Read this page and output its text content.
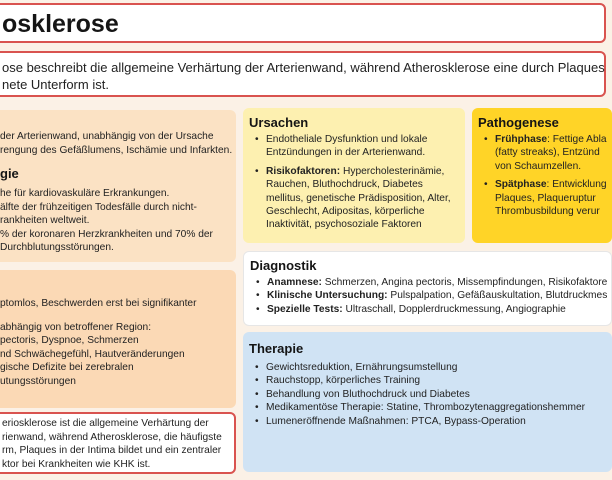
osklerose

ose beschreibt die allgemeine Verhärtung der Arterienwand, während Atherosklerose eine durch Plaques
nete Unterform ist.

der Arterienwand, unabhängig von der Ursache
rengung des Gefäßlumens, Ischämie und Infarkten.
gie
he für kardiovaskuläre Erkrankungen.
älfte der frühzeitigen Todesfälle durch nicht-
rankheiten weltweit.
% der koronaren Herzkrankheiten und 70% der
Durchblutungsstörungen.
ptomlos, Beschwerden erst bei signifikanter
abhängig von betroffener Region:
pectoris, Dyspnoe, Schmerzen
nd Schwächegefühl, Hautveränderungen
gische Defizite bei zerebralen
utungsstörungen
eriosklerose ist die allgemeine Verhärtung der
rienwand, während Atherosklerose, die häufigste
rm, Plaques in der Intima bildet und ein zentraler
ktor bei Krankheiten wie KHK ist.
Ursachen
• Endotheliale Dysfunktion und lokale
Entzündungen in der Arterienwand.
• Risikofaktoren: Hypercholesterinämie,
Rauchen, Bluthochdruck, Diabetes
mellitus, genetische Prädisposition, Alter,
Geschlecht, Adipositas, körperliche
Inaktivität, psychosoziale Faktoren
Pathogenese
• Frühphase: Fettige Abla
(fatty streaks), Entzünd
von Schaumzellen.
• Spätphase: Entwicklung
Plaques, Plaqueruptur
Thrombusbildung verur
Diagnostik
• Anamnese: Schmerzen, Angina pectoris, Missempfindungen, Risikofaktore
• Klinische Untersuchung: Pulspalpation, Gefäßauskultation, Blutdruckmes
• Spezielle Tests: Ultraschall, Dopplerdruckmessung, Angiographie
Therapie
• Gewichtsreduktion, Ernährungsumstellung
• Rauchstopp, körperliches Training
• Behandlung von Bluthochdruck und Diabetes
• Medikamentöse Therapie: Statine, Thrombozytenaggregationshemmer
• Lumeneröffnende Maßnahmen: PTCA, Bypass-Operation
